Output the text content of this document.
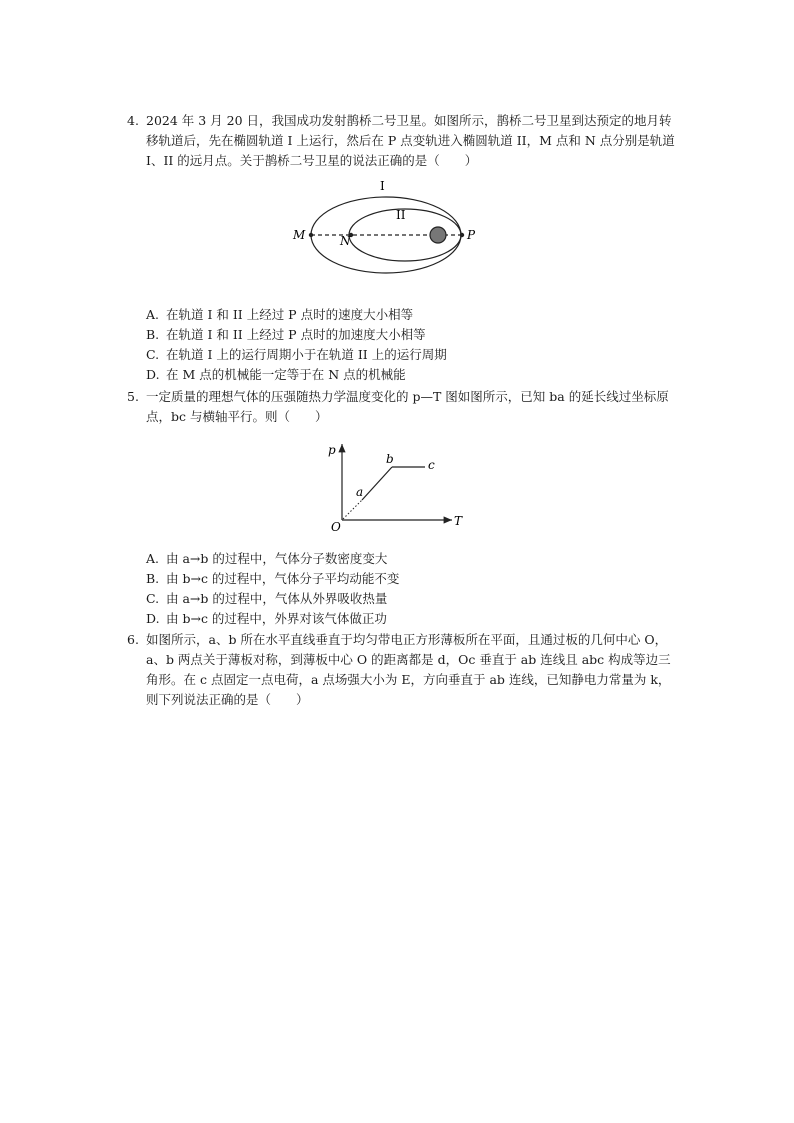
4. 2024 年 3 月 20 日，我国成功发射鹊桥二号卫星。如图所示，鹊桥二号卫星到达预定的地月转移轨道后，先在椭圆轨道 I 上运行，然后在 P 点变轨进入椭圆轨道 II，M 点和 N 点分别是轨道 I、II 的远月点。关于鹊桥二号卫星的说法正确的是（　　）
I
II
M	N	P
A. 在轨道 I 和 II 上经过 P 点时的速度大小相等
B. 在轨道 I 和 II 上经过 P 点时的加速度大小相等
C. 在轨道 I 上的运行周期小于在轨道 II 上的运行周期
D. 在 M 点的机械能一定等于在 N 点的机械能
5. 一定质量的理想气体的压强随热力学温度变化的 p—T 图如图所示，已知 ba 的延长线过坐标原点，bc 与横轴平行。则（　　）
p
T
O
a
b	c
A. 由 a→b 的过程中，气体分子数密度变大
B. 由 b→c 的过程中，气体分子平均动能不变
C. 由 a→b 的过程中，气体从外界吸收热量
D. 由 b→c 的过程中，外界对该气体做正功
6. 如图所示，a、b 所在水平直线垂直于均匀带电正方形薄板所在平面，且通过板的几何中心 O，a、b 两点关于薄板对称，到薄板中心 O 的距离都是 d，Oc 垂直于 ab 连线且 abc 构成等边三角形。在 c 点固定一点电荷，a 点场强大小为 E，方向垂直于 ab 连线，已知静电力常量为 k，则下列说法正确的是（　　）
